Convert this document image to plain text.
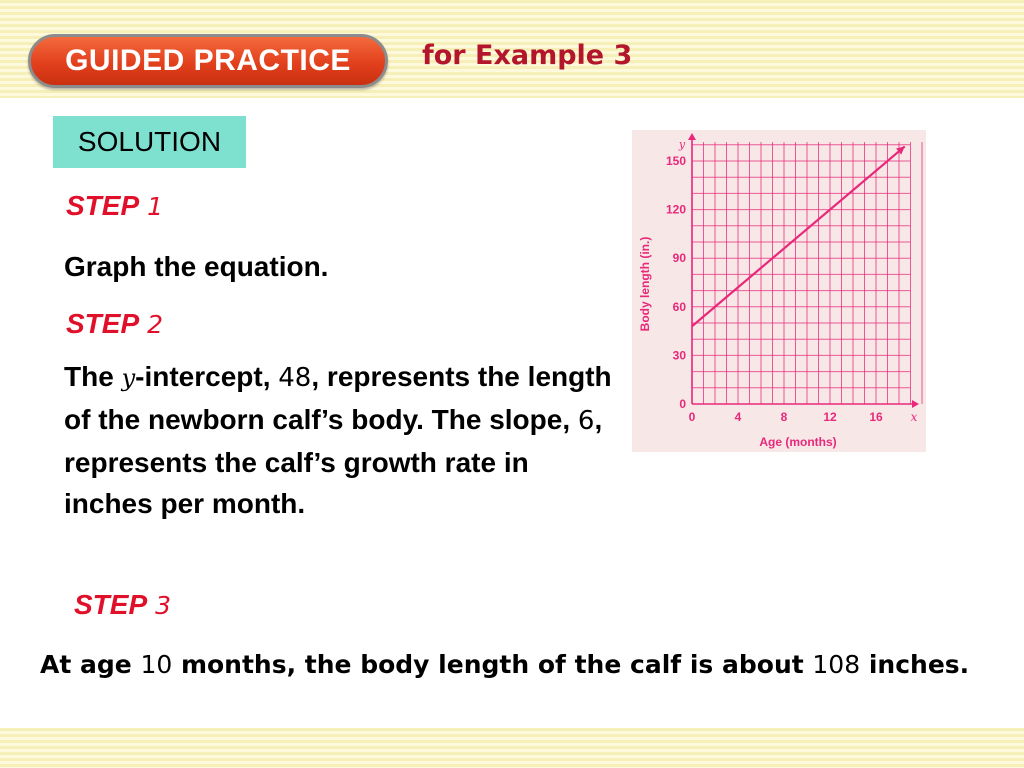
GUIDED PRACTICE	for Example 3
SOLUTION
STEP 1
Graph the equation.
STEP 2
The y-intercept, 48, represents the length of the newborn calf’s body. The slope, 6, represents the calf’s growth rate in inches per month.
STEP 3
At age 10 months, the body length of the calf is about 108 inches.
0	4	8	12	16
0
30
60
90
120
150
Age (months)
Body length (in.)
x
y
